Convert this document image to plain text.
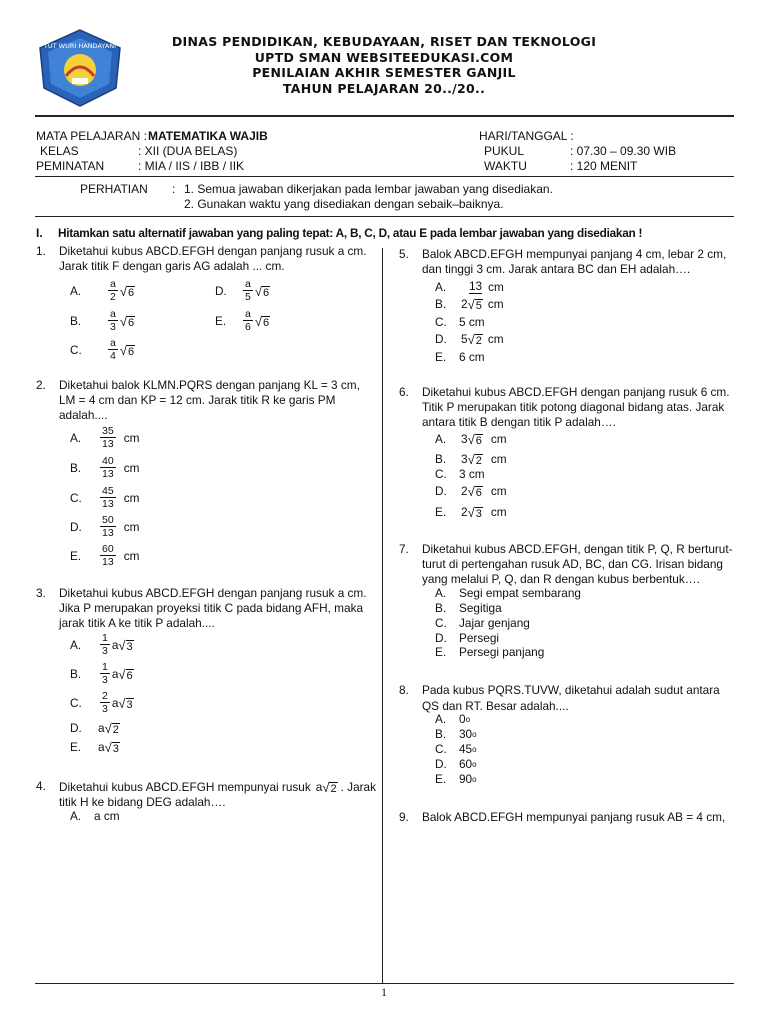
TUT WURI HANDAYANI	DINAS PENDIDIKAN, KEBUDAYAAN, RISET DAN TEKNOLOGI
UPTD SMAN WEBSITEEDUKASI.COM
PENILAIAN AKHIR SEMESTER GANJIL
TAHUN PELAJARAN 20../20..
MATA PELAJARAN : MATEMATIKA WAJIB
KELAS	: XII (DUA BELAS)
PEMINATAN	: MIA / IIS / IBB / IIK
HARI/TANGGAL :
PUKUL	: 07.30 – 09.30 WIB
WAKTU	: 120 MENIT
PERHATIAN : 1. Semua jawaban dikerjakan pada lembar jawaban yang disediakan.
2. Gunakan waktu yang disediakan dengan sebaik–baiknya.
I. Hitamkan satu alternatif jawaban yang paling tepat: A, B, C, D, atau E pada lembar jawaban yang disediakan !
1. Diketahui kubus ABCD.EFGH dengan panjang rusuk a cm.
Jarak titik F dengan garis AG adalah ... cm.
A.	$\frac{a}{2}$ √ 6	D.	$\frac{a}{5}$ √ 6
B.	$\frac{a}{3}$ √ 6	E.	$\frac{a}{6}$ √ 6
C.	$\frac{a}{4}$ √ 6
2. Diketahui balok KLMN.PQRS dengan panjang KL = 3 cm,
LM = 4 cm dan KP = 12 cm. Jarak titik R ke garis PM
adalah....
A.	$\frac{35}{13}$ cm
B.	$\frac{40}{13}$ cm
C.	$\frac{45}{13}$ cm
D.	$\frac{50}{13}$ cm
E.	$\frac{60}{13}$ cm
3. Diketahui kubus ABCD.EFGH dengan panjang rusuk a cm.
Jika P merupakan proyeksi titik C pada bidang AFH, maka
jarak titik A ke titik P adalah....
A.	$\frac{1}{3}$ a √ 3
B.	$\frac{1}{3}$ a √ 6
C.	$\frac{2}{3}$ a √ 3
D.	a √ 2
E.	a √ 3
4. Diketahui kubus ABCD.EFGH mempunyai rusuk a √ 2 . Jarak
titik H ke bidang DEG adalah….
A.	a cm
5. Balok ABCD.EFGH mempunyai panjang 4 cm, lebar 2 cm,
dan tinggi 3 cm. Jarak antara BC dan EH adalah….
A.	13 cm
B.	2 √ 5 cm
C.	5 cm
D.	5 √ 2 cm
E.	6 cm
6. Diketahui kubus ABCD.EFGH dengan panjang rusuk 6 cm.
Titik P merupakan titik potong diagonal bidang atas. Jarak
antara titik B dengan titik P adalah….
A.	3 √ 6 cm
B.	3 √ 2 cm
C.	3 cm
D.	2 √ 6 cm
E.	2 √ 3 cm
7. Diketahui kubus ABCD.EFGH, dengan titik P, Q, R berturut-
turut di pertengahan rusuk AD, BC, dan CG. Irisan bidang
yang melalui P, Q, dan R dengan kubus berbentuk….
A.	Segi empat sembarang
B.	Segitiga
C.	Jajar genjang
D.	Persegi
E.	Persegi panjang
8. Pada kubus PQRS.TUVW, diketahui adalah sudut antara
QS dan RT. Besar adalah....
A.	0 o
B.	30 o
C.	45 o
D.	60 o
E.	90 o
9. Balok ABCD.EFGH mempunyai panjang rusuk AB = 4 cm,
1
